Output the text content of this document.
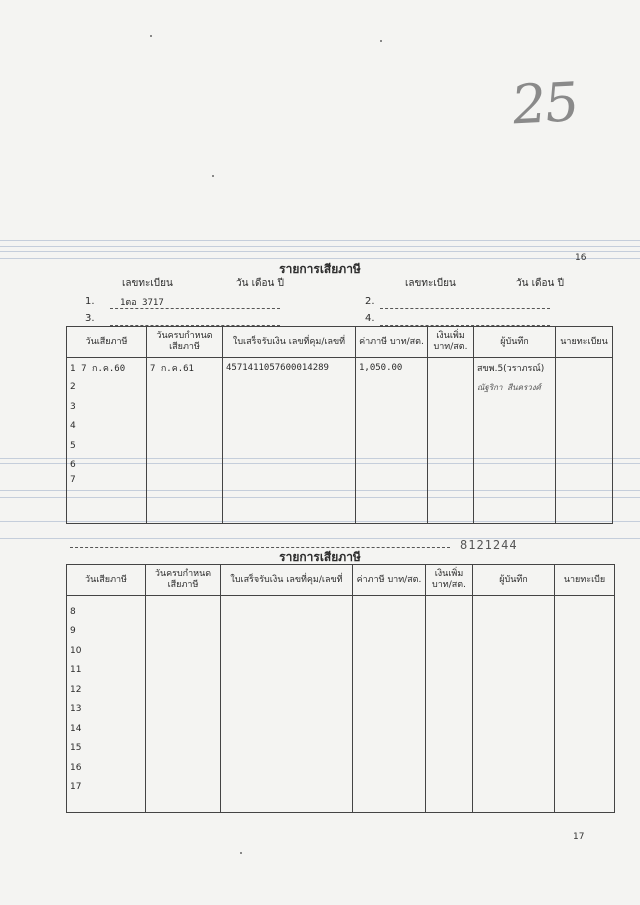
25
16
รายการเสียภาษี
เลขทะเบียน	วัน เดือน ปี	เลขทะเบียน	วัน เดือน ปี
1.	1ตอ 3717	2.
3.	4.
วันเสียภาษี	วันครบกำหนด เสียภาษี	ใบเสร็จรับเงิน เลขที่คุม/เลขที่	ค่าภาษี บาท/สต.	เงินเพิ่ม บาท/สต.	ผู้บันทึก	นายทะเบียน
1 7 ก.ค.60	7 ก.ค.61	4571411057600014289	1,050.00		สขพ.5(วราภรณ์)	
2					ณัฐริกา สีนครวงศ์	
3						
4						
5						
6						
7						
8121244
รายการเสียภาษี
วันเสียภาษี	วันครบกำหนด เสียภาษี	ใบเสร็จรับเงิน เลขที่คุม/เลขที่	ค่าภาษี บาท/สต.	เงินเพิ่ม บาท/สต.	ผู้บันทึก	นายทะเบีย
8						
9						
10						
11						
12						
13						
14						
15						
16						
17						
17
